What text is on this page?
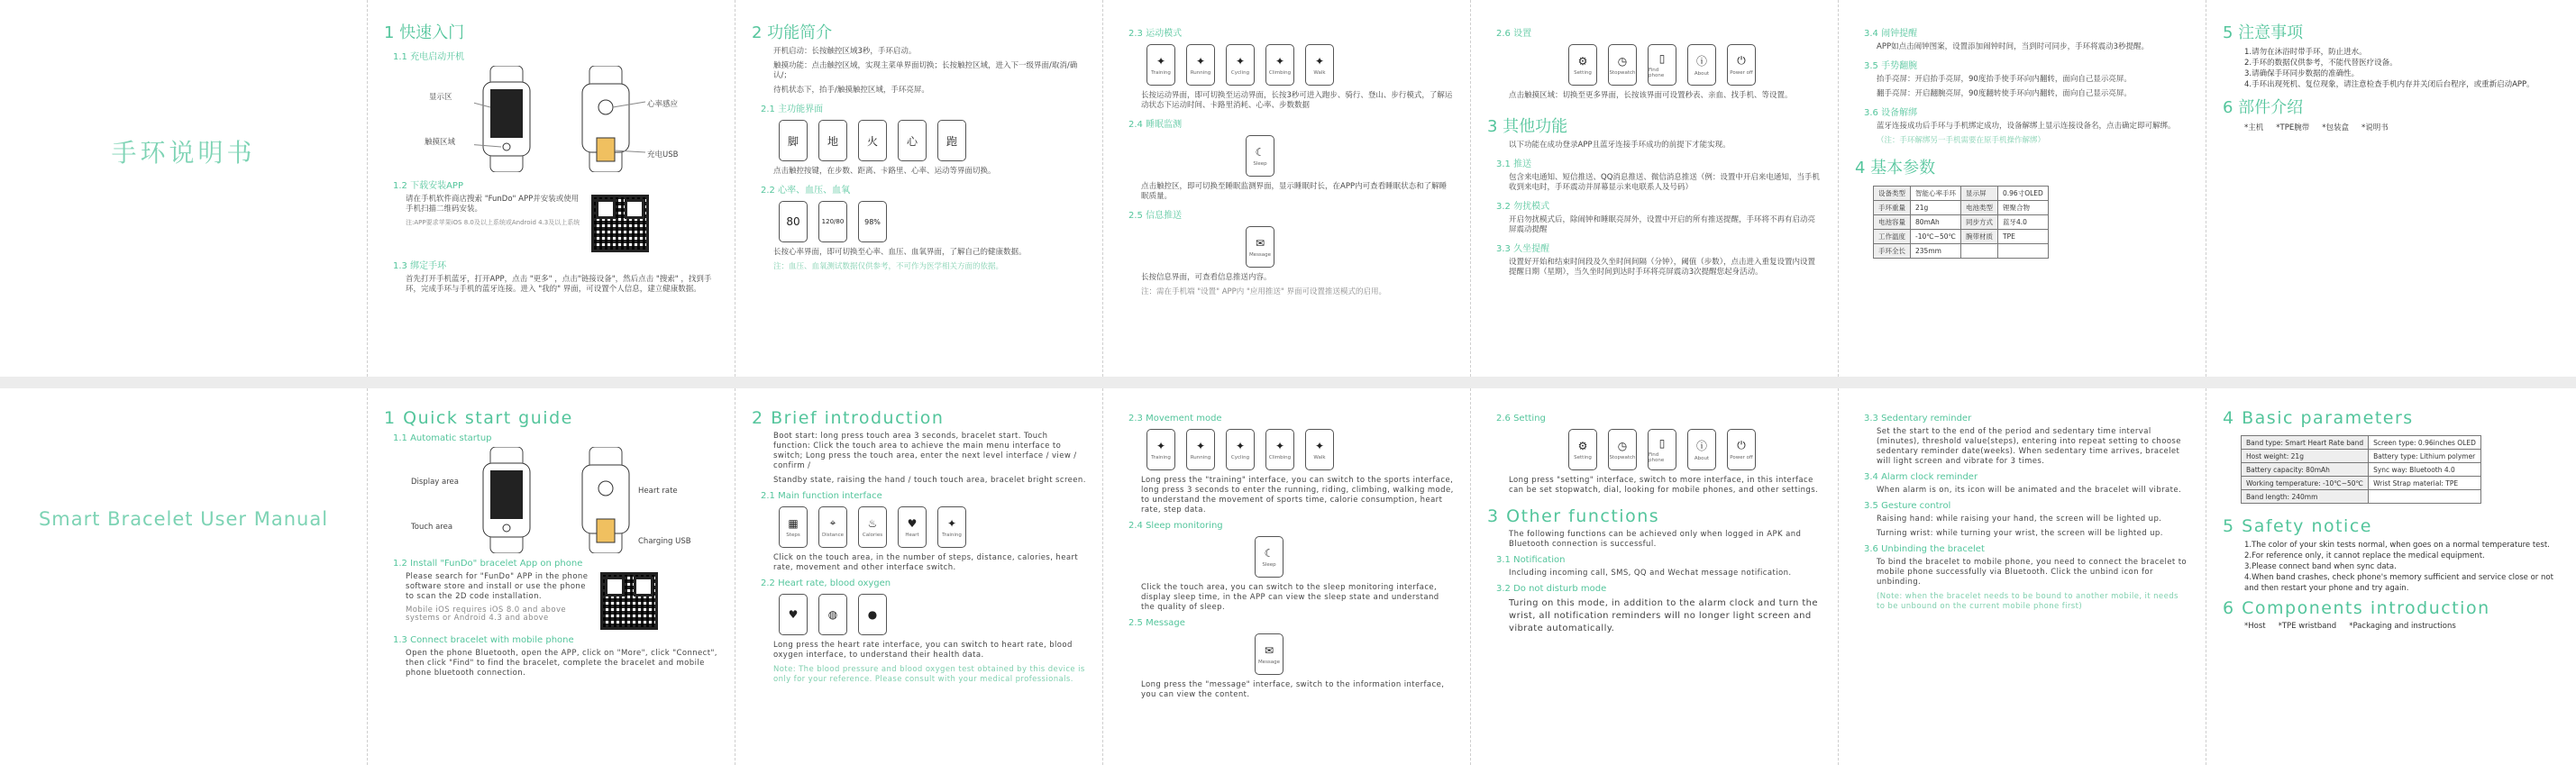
手环说明书
1 快速入门
1.1 充电启动开机
显示区
触摸区域
心率感应
充电USB
1.2 下载安装APP

请在手机软件商店搜索 "FunDo" APP并安装或使用手机扫描二维码安装。

注:APP要求苹果iOS 8.0及以上系统或Android 4.3及以上系统

1.3 绑定手环

首先打开手机蓝牙，打开APP，点击 "更多" ，点击"链接设备"，然后点击 "搜索" ，找到手环，完成手环与手机的蓝牙连接。进入 "我的" 界面，可设置个人信息，建立健康数据。

2 功能简介

开机启动：长按触控区域3秒，手环启动。

触摸功能：点击触控区域，实现主菜单界面切换；长按触控区域，进入下一级界面/取消/确认/；

待机状态下，抬手/触摸触控区域，手环亮屏。

2.1 主功能界面
脚	地	火	心	跑

点击触控按键，在步数、距离、卡路里、心率、运动等界面切换。

2.2 心率、血压、血氧
80	120/80	98%

长按心率界面，即可切换至心率、血压、血氧界面，了解自己的健康数据。

注：血压、血氧测试数据仅供参考，不可作为医学相关方面的依据。

2.3 运动模式
✦
Training
✦
Running
✦
Cycling
✦
Climbing
✦
Walk

长按运动界面，即可切换至运动界面，长按3秒可进入跑步、骑行、登山、步行模式，了解运动状态下运动时间、卡路里消耗、心率、步数数据

2.4 睡眠监测
☾
Sleep

点击触控区，即可切换至睡眠监测界面，显示睡眠时长，在APP内可查看睡眠状态和了解睡眠质量。

2.5 信息推送
✉
Message

长按信息界面，可查看信息推送内容。

注：需在手机端 "设置" APP内 "应用推送" 界面可设置推送模式的启用。

2.6 设置
⚙
Setting
◷
Stopwatch
▯
Find phone
ⓘ
About
⏻
Power off

点击触摸区域：切换至更多界面，长按该界面可设置秒表、亲血、找手机、等设置。

3 其他功能

以下功能在成功登录APP且蓝牙连接手环成功的前提下才能实现。

3.1 推送

包含来电通知、短信推送、QQ消息推送、微信消息推送（例：设置中开启来电通知，当手机收到来电时，手环震动并屏幕显示来电联系人及号码）

3.2 勿扰模式

开启勿扰模式后，除闹钟和睡眠亮屏外，设置中开启的所有推送提醒，手环将不再有启动亮屏震动提醒

3.3 久坐提醒

设置好开始和结束时间段及久坐时间间隔（分钟），阈值（步数），点击进入重复设置内设置提醒日期（星期），当久坐时间到达时手环将亮屏震动3次提醒您起身活动。

3.4 闹钟提醒

APP如点击闹钟图案，设置添加闹钟时间，当到时可同步，手环将震动3秒提醒。

3.5 手势翻腕

抬手亮屏：开启抬手亮屏，90度抬手使手环向内翻转，面向自己显示亮屏。

翻手亮屏：开启翻腕亮屏，90度翻转使手环向内翻转，面向自己显示亮屏。

3.6 设备解绑

蓝牙连接成功后手环与手机绑定成功，设备解绑上显示连接设备名，点击确定即可解绑。

（注：手环解绑另一手机需要在原手机操作解绑）

4 基本参数
设备类型	智能心率手环	显示屏	0.96寸OLED
手环重量	21g	电池类型	锂聚合物
电池容量	80mAh	同步方式	蓝牙4.0
工作温度	-10℃~50℃	腕带材质	TPE
手环全长	235mm		
5 注意事项
1.请勿在沐浴时带手环，防止进水。
2.手环的数据仅供参考，不能代替医疗设备。
3.请确保手环同步数据的准确性。
4.手环出现死机、复位现象，请注意检查手机内存并关闭后台程序，或重新启动APP。
6 部件介绍
*主机 *TPE腕带 *包装盒 *说明书
Smart Bracelet User Manual
1 Quick start guide
1.1 Automatic startup
Display area
Touch area
Heart rate
Charging USB
1.2 Install "FunDo" bracelet App on phone

Please search for "FunDo" APP in the phone software store and install or use the phone to scan the 2D code installation.

Mobile iOS requires iOS 8.0 and above systems or Android 4.3 and above

1.3 Connect bracelet with mobile phone

Open the phone Bluetooth, open the APP, click on "More", click "Connect", then click "Find" to find the bracelet, complete the bracelet and mobile phone bluetooth connection.

2 Brief introduction

Boot start: long press touch area 3 seconds, bracelet start. Touch function: Click the touch area to achieve the main menu interface to switch; Long press the touch area, enter the next level interface / view / confirm /

Standby state, raising the hand / touch touch area, bracelet bright screen.

2.1 Main function interface
▦
Steps
⌖
Distance
♨
Calories
♥
Heart
✦
Training

Click on the touch area, in the number of steps, distance, calories, heart rate, movement and other interface switch.

2.2 Heart rate, blood oxygen
♥	◍	●

Long press the heart rate interface, you can switch to heart rate, blood oxygen interface, to understand their health data.

Note: The blood pressure and blood oxygen test obtained by this device is only for your reference. Please consult with your medical professionals.

2.3 Movement mode
✦
Training
✦
Running
✦
Cycling
✦
Climbing
✦
Walk

Long press the "training" interface, you can switch to the sports interface, long press 3 seconds to enter the running, riding, climbing, walking mode, to understand the movement of sports time, calorie consumption, heart rate, step data.

2.4 Sleep monitoring
☾
Sleep

Click the touch area, you can switch to the sleep monitoring interface, display sleep time, in the APP can view the sleep state and understand the quality of sleep.

2.5 Message
✉
Message

Long press the "message" interface, switch to the information interface, you can view the content.

2.6 Setting
⚙
Setting
◷
Stopwatch
▯
Find phone
ⓘ
About
⏻
Power off

Long press "setting" interface, switch to more interface, in this interface can be set stopwatch, dial, looking for mobile phones, and other settings.

3 Other functions

The following functions can be achieved only when logged in APK and Bluetooth connection is successful.

3.1 Notification

Including incoming call, SMS, QQ and Wechat message notification.

3.2 Do not disturb mode

Turing on this mode, in addition to the alarm clock and turn the wrist, all notification reminders will no longer light screen and vibrate automatically.

3.3 Sedentary reminder

Set the start to the end of the period and sedentary time interval (minutes), threshold value(steps), entering into repeat setting to choose sedentary reminder date(weeks). When sedentary time arrives, bracelet will light screen and vibrate for 3 times.

3.4 Alarm clock reminder

When alarm is on, its icon will be animated and the bracelet will vibrate.

3.5 Gesture control

Raising hand: while raising your hand, the screen will be lighted up.

Turning wrist: while turning your wrist, the screen will be lighted up.

3.6 Unbinding the bracelet

To bind the bracelet to mobile phone, you need to connect the bracelet to mobile phone successfully via Bluetooth. Click the unbind icon for unbinding.

(Note: when the bracelet needs to be bound to another mobile, it needs to be unbound on the current mobile phone first)

4 Basic parameters
Band type: Smart Heart Rate band	Screen type: 0.96inches OLED
Host weight: 21g	Battery type: Lithium polymer
Battery capacity: 80mAh	Sync way: Bluetooth 4.0
Working temperature: -10℃~50℃	Wrist Strap material: TPE
Band length: 240mm	
5 Safety notice
1.The color of your skin tests normal, when goes on a normal temperature test.
2.For reference only, it cannot replace the medical equipment.
3.Please connect band when sync data.
4.When band crashes, check phone's memory sufficient and service close or not and then restart your phone and try again.
6 Components introduction
*Host *TPE wristband *Packaging and instructions
